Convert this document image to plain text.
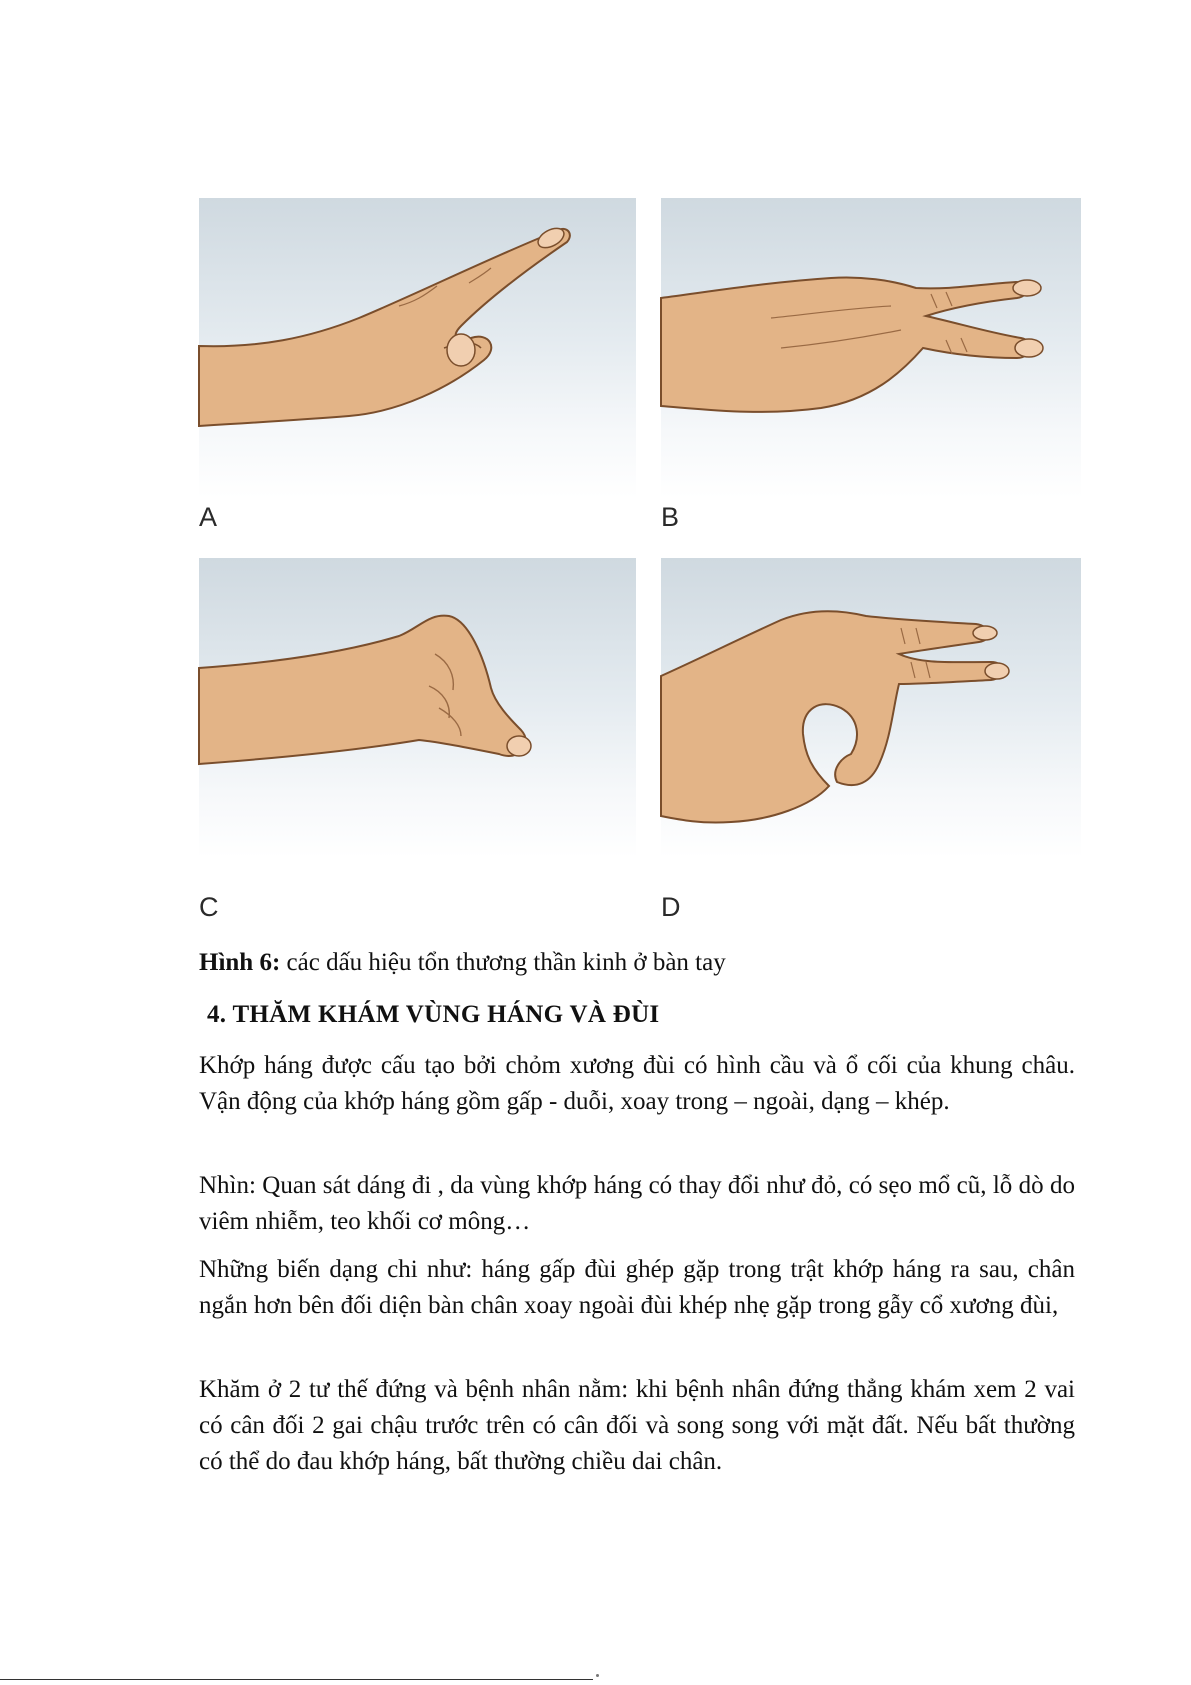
A	B
C	D
Hình 6: các dấu hiệu tổn thương thần kinh ở bàn tay
4. THĂM KHÁM VÙNG HÁNG VÀ ĐÙI

Khớp háng được cấu tạo bởi chỏm xương đùi có hình cầu và ổ cối của khung châu. Vận động của khớp háng gồm gấp - duỗi, xoay trong – ngoài, dạng – khép.

Nhìn: Quan sát dáng đi , da vùng khớp háng có thay đổi như đỏ, có sẹo mổ cũ, lỗ dò do viêm nhiễm, teo khối cơ mông…

Những biến dạng chi như: háng gấp đùi ghép gặp trong trật khớp háng ra sau, chân ngắn hơn bên đối diện bàn chân xoay ngoài đùi khép nhẹ gặp trong gẫy cổ xương đùi,

Khăm ở 2 tư thế đứng và bệnh nhân nằm: khi bệnh nhân đứng thẳng khám xem 2 vai có cân đối 2 gai chậu trước trên có cân đối và song song với mặt đất. Nếu bất thường có thể do đau khớp háng, bất thường chiều dai chân.
